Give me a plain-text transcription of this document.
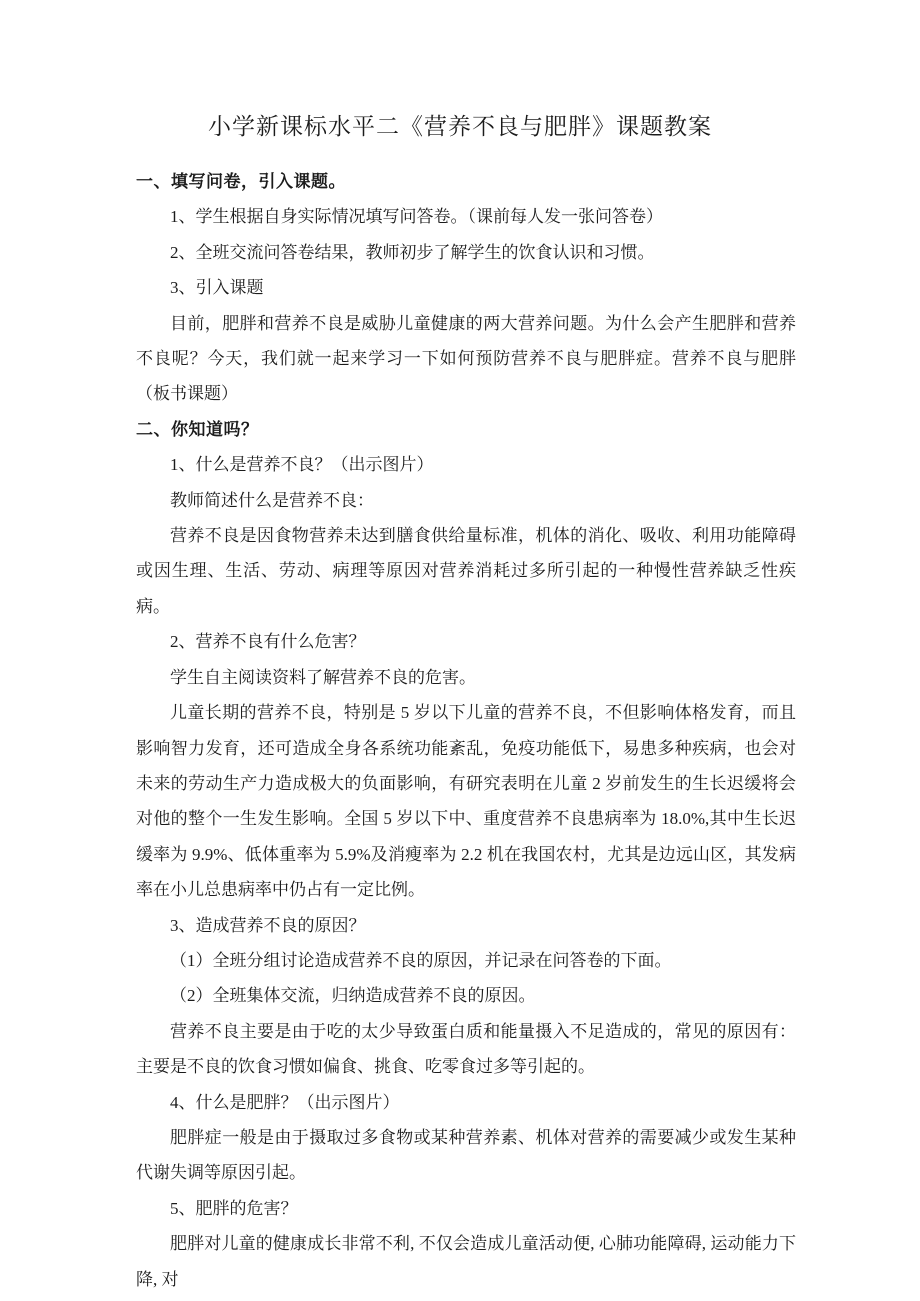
小学新课标水平二《营养不良与肥胖》课题教案

一、填写问卷，引入课题。

1、学生根据自身实际情况填写问答卷。（课前每人发一张问答卷）

2、全班交流问答卷结果，教师初步了解学生的饮食认识和习惯。

3、引入课题

目前，肥胖和营养不良是威胁儿童健康的两大营养问题。为什么会产生肥胖和营养不良呢？今天，我们就一起来学习一下如何预防营养不良与肥胖症。营养不良与肥胖（板书课题）

二、你知道吗？

1、什么是营养不良？（出示图片）

教师简述什么是营养不良：

营养不良是因食物营养未达到膳食供给量标准，机体的消化、吸收、利用功能障碍或因生理、生活、劳动、病理等原因对营养消耗过多所引起的一种慢性营养缺乏性疾病。

2、营养不良有什么危害？

学生自主阅读资料了解营养不良的危害。

儿童长期的营养不良，特别是 5 岁以下儿童的营养不良，不但影响体格发育，而且影响智力发育，还可造成全身各系统功能紊乱，免疫功能低下，易患多种疾病，也会对未来的劳动生产力造成极大的负面影响，有研究表明在儿童 2 岁前发生的生长迟缓将会对他的整个一生发生影响。全国 5 岁以下中、重度营养不良患病率为 18.0%,其中生长迟缓率为 9.9%、低体重率为 5.9%及消瘦率为 2.2 机在我国农村，尤其是边远山区，其发病率在小儿总患病率中仍占有一定比例。

3、造成营养不良的原因？

（1）全班分组讨论造成营养不良的原因，并记录在问答卷的下面。

（2）全班集体交流，归纳造成营养不良的原因。

营养不良主要是由于吃的太少导致蛋白质和能量摄入不足造成的，常见的原因有：主要是不良的饮食习惯如偏食、挑食、吃零食过多等引起的。

4、什么是肥胖？（出示图片）

肥胖症一般是由于摄取过多食物或某种营养素、机体对营养的需要减少或发生某种代谢失调等原因引起。

5、肥胖的危害？

肥胖对儿童的健康成长非常不利, 不仅会造成儿童活动便, 心肺功能障碍, 运动能力下降, 对
